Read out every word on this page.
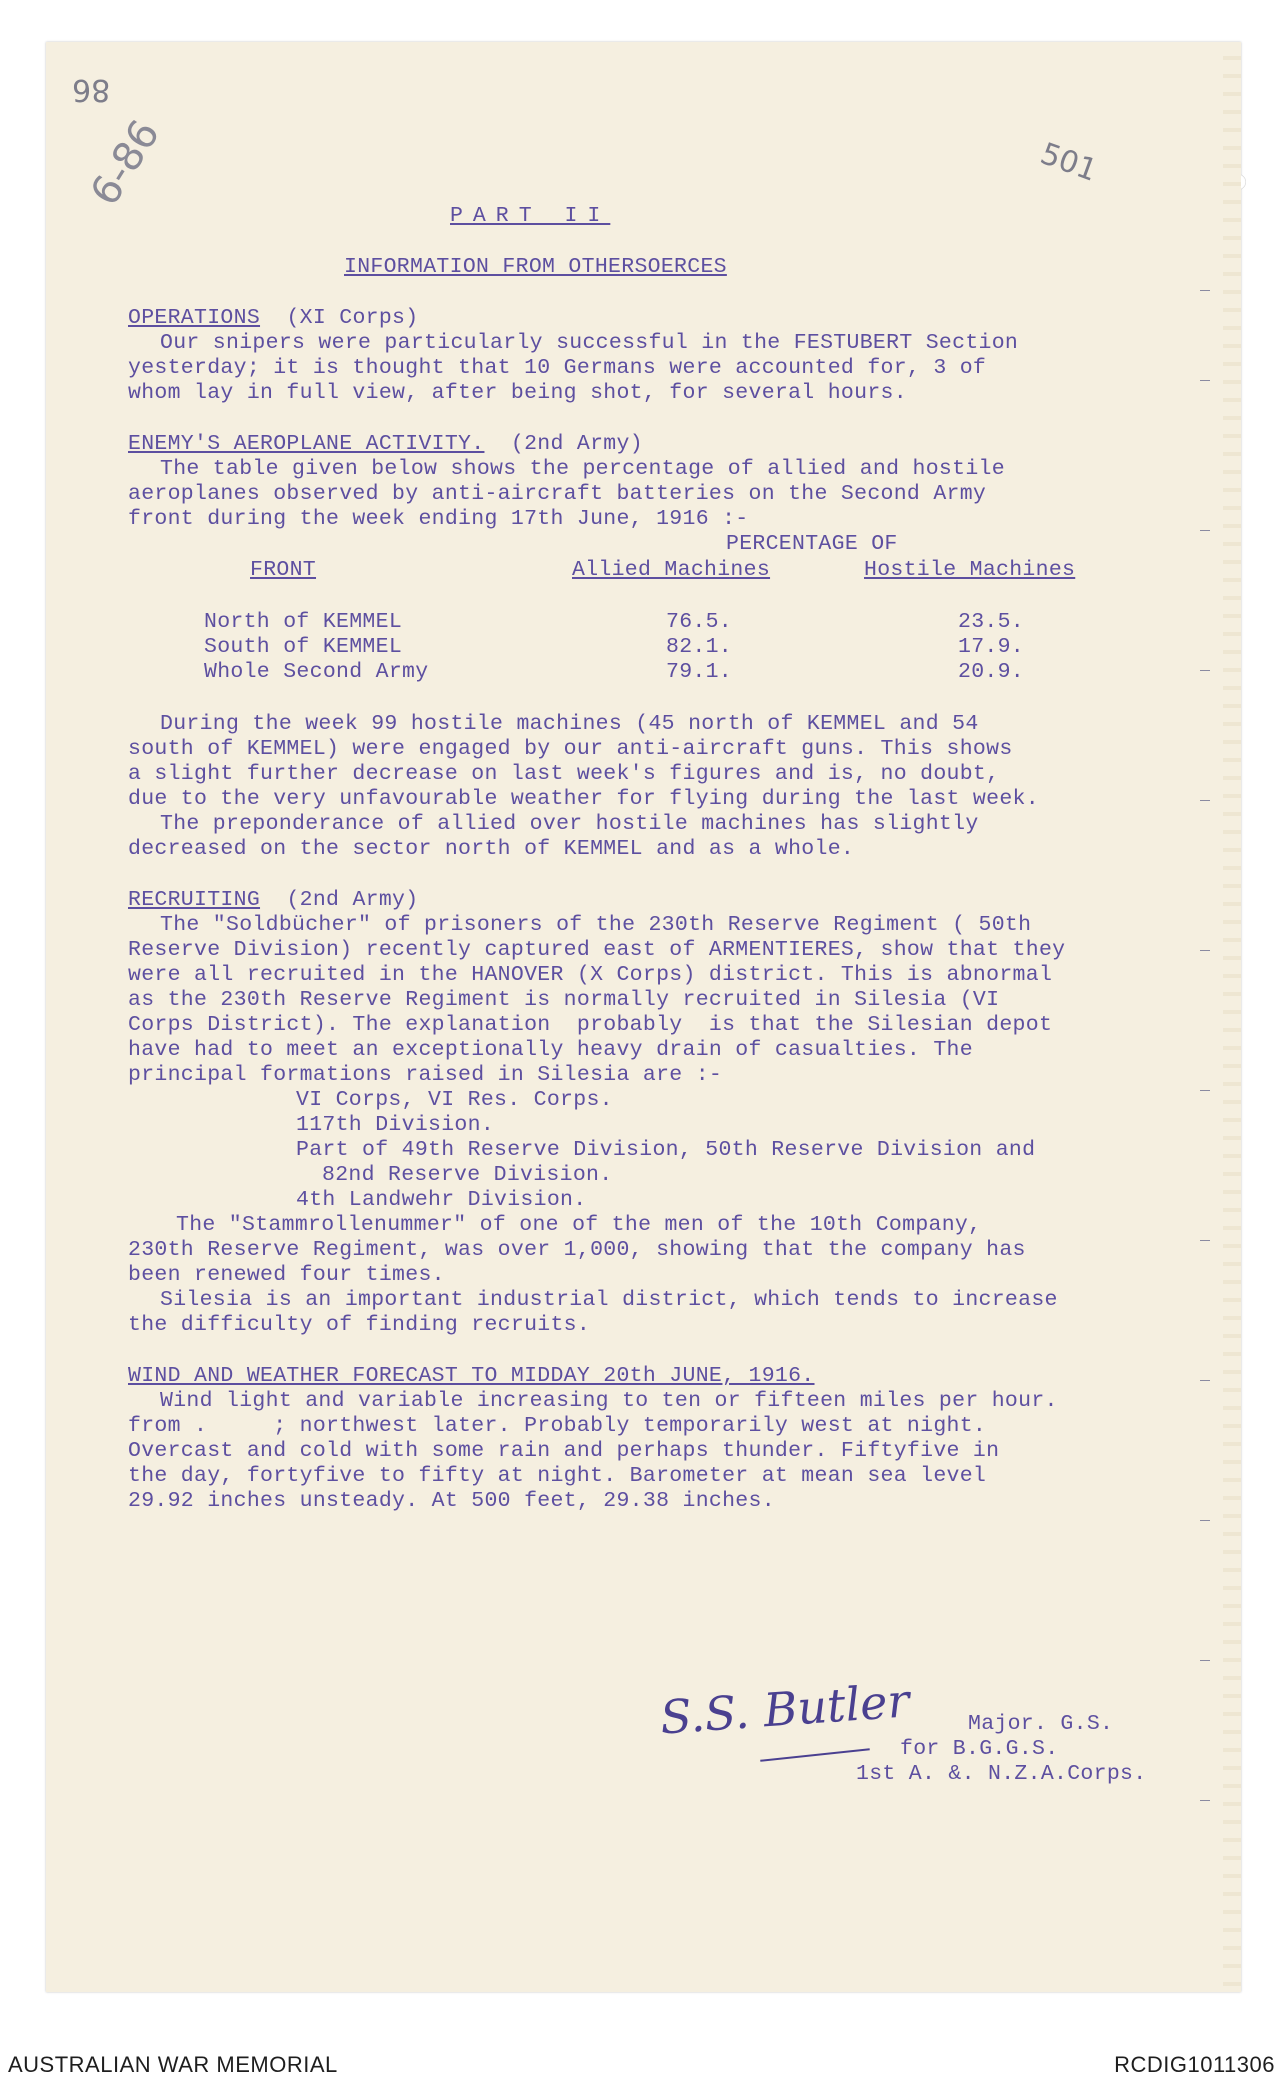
86
6-86	501
PART II
INFORMATION FROM OTHERSOERCES
OPERATIONS (XI Corps)
Our snipers were particularly successful in the FESTUBERT Section
yesterday; it is thought that 10 Germans were accounted for, 3 of
whom lay in full view, after being shot, for several hours.
ENEMY'S AEROPLANE ACTIVITY. (2nd Army)
The table given below shows the percentage of allied and hostile
aeroplanes observed by anti-aircraft batteries on the Second Army
front during the week ending 17th June, 1916 :-
PERCENTAGE OF
FRONT	Allied Machines	Hostile Machines
North of KEMMEL	76.5.	23.5.
South of KEMMEL	82.1.	17.9.
Whole Second Army	79.1.	20.9.
During the week 99 hostile machines (45 north of KEMMEL and 54
south of KEMMEL) were engaged by our anti-aircraft guns. This shows
a slight further decrease on last week's figures and is, no doubt,
due to the very unfavourable weather for flying during the last week.
The preponderance of allied over hostile machines has slightly
decreased on the sector north of KEMMEL and as a whole.
RECRUITING (2nd Army)
The "Soldbücher" of prisoners of the 230th Reserve Regiment ( 50th
Reserve Division) recently captured east of ARMENTIERES, show that they
were all recruited in the HANOVER (X Corps) district. This is abnormal
as the 230th Reserve Regiment is normally recruited in Silesia (VI
Corps District). The explanation  probably  is that the Silesian depot
have had to meet an exceptionally heavy drain of casualties. The
principal formations raised in Silesia are :-
VI Corps, VI Res. Corps.
117th Division.
Part of 49th Reserve Division, 50th Reserve Division and
82nd Reserve Division.
4th Landwehr Division.
The "Stammrollenummer" of one of the men of the 10th Company,
230th Reserve Regiment, was over 1,000, showing that the company has
been renewed four times.
Silesia is an important industrial district, which tends to increase
the difficulty of finding recruits.
WIND AND WEATHER FORECAST TO MIDDAY 20th JUNE, 1916.
Wind light and variable increasing to ten or fifteen miles per hour.
from .     ; northwest later. Probably temporarily west at night.
Overcast and cold with some rain and perhaps thunder. Fiftyfive in
the day, fortyfive to fifty at night. Barometer at mean sea level
29.92 inches unsteady. At 500 feet, 29.38 inches.
S.S. Butler	Major. G.S.
for B.G.G.S.
1st A. &. N.Z.A.Corps.
AUSTRALIAN WAR MEMORIAL	RCDIG1011306
